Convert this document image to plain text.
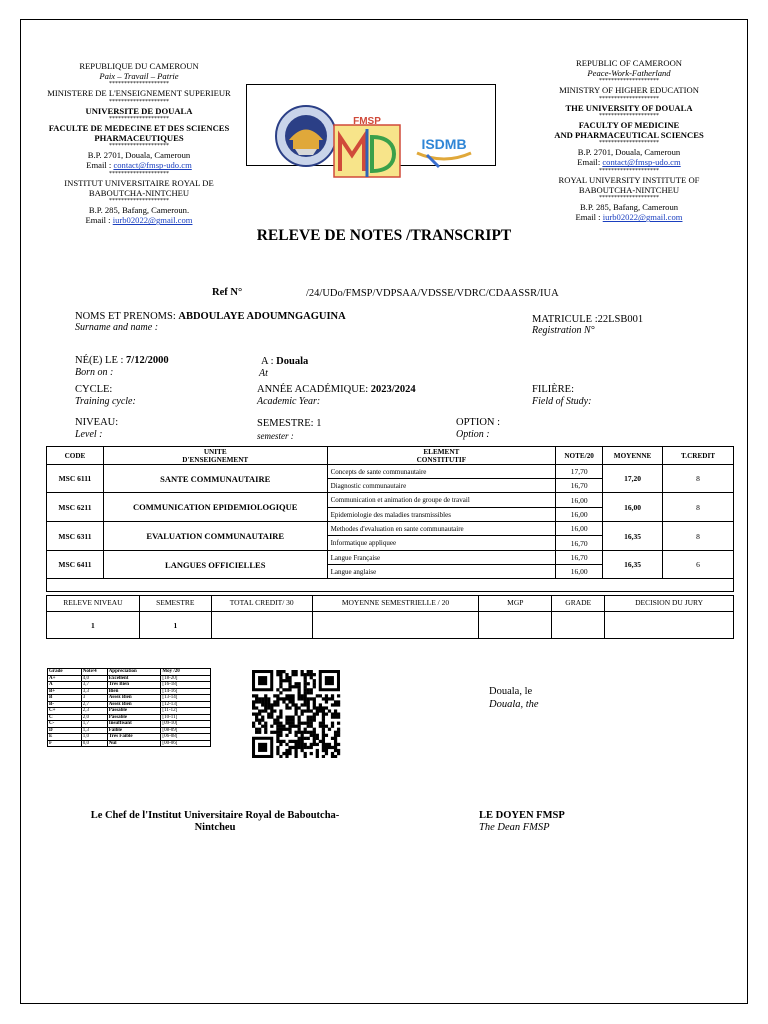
REPUBLIQUE DU CAMEROUN
Paix – Travail – Patrie
********************
MINISTERE DE L'ENSEIGNEMENT SUPERIEUR
********************
UNIVERSITE DE DOUALA
********************
FACULTE DE MEDECINE ET DES SCIENCES
PHARMACEUTIQUES
********************
B.P. 2701, Douala, Cameroun
Email : contact@fmsp-udo.cm
********************
INSTITUT UNIVERSITAIRE ROYAL DE
BABOUTCHA-NINTCHEU
********************
B.P. 285, Bafang, Cameroun.
Email : iurb02022@gmail.com
REPUBLIC OF CAMEROON
Peace-Work-Fatherland
********************
MINISTRY OF HIGHER EDUCATION
********************
THE UNIVERSITY OF DOUALA
********************
FACULTY OF MEDICINE
AND PHARMACEUTICAL SCIENCES
********************
B.P. 2701, Douala, Cameroun
Email: contact@fmsp-udo.cm
********************
ROYAL UNIVERSITY INSTITUTE OF
BABOUTCHA-NINTCHEU
********************
B.P. 285, Bafang, Cameroun
Email : iurb02022@gmail.com
FMSP
ISDMB
RELEVE DE NOTES /TRANSCRIPT
Ref N°	/24/UDo/FMSP/VDPSAA/VDSSE/VDRC/CDAASSR/IUA
NOMS ET PRENOMS: ABDOULAYE ADOUMNGAGUINA
Surname and name :
MATRICULE :22LSB001
Registration N°
NÉ(E) LE : 7/12/2000
Born on :
A : Douala
At
CYCLE:
Training cycle:
ANNÉE ACADÉMIQUE: 2023/2024
Academic Year:
FILIÈRE:
Field of Study:
NIVEAU:
Level :
SEMESTRE: 1
semester :
OPTION :
Option :
CODE	UNITE
D'ENSEIGNEMENT	ELEMENT
CONSTITUTIF	NOTE/20	MOYENNE	T.CREDIT
MSC 6111	SANTE COMMUNAUTAIRE	Concepts de sante communautaire	17,70	17,20	8
		Diagnostic communautaire	16,70		
MSC 6211	COMMUNICATION EPIDEMIOLOGIQUE	Communication et animation de groupe de travail	16,00	16,00	8
		Epidemiologie des maladies transmissibles	16,00		
MSC 6311	EVALUATION COMMUNAUTAIRE	Methodes d'evaluation en sante communautaire	16,00	16,35	8
		Informatique appliquee	16,70		
MSC 6411	LANGUES OFFICIELLES	Langue Française	16,70	16,35	6
		Langue anglaise	16,00		

RELEVE NIVEAU	SEMESTRE	TOTAL CREDIT/ 30	MOYENNE SEMESTRIELLE / 20	MGP	GRADE	DECISION DU JURY
1	1					
Grade	Note/4	Appréciation	Moy /20
A+	4,0	Excellent	[18-20]
A	3,7	Très Bien	[16-18[
B+	3,3	Bien	[14-16[
B	3	Assez Bien	[13-14[
B-	2,7	Assez Bien	[12-13[
C+	2,3	Passable	[11-12[
C	2,0	Passable	[10-11[
C-	1,7	Insuffisant	[09-10[
D	1,3	Faible	[08-09[
E	1,0	Très Faible	[06-08[
F	0,0	Nul	[00-06[
Douala, le
Douala, the
Le Chef de l'Institut Universitaire Royal de Baboutcha-
Nintcheu
LE DOYEN FMSP
The Dean FMSP
